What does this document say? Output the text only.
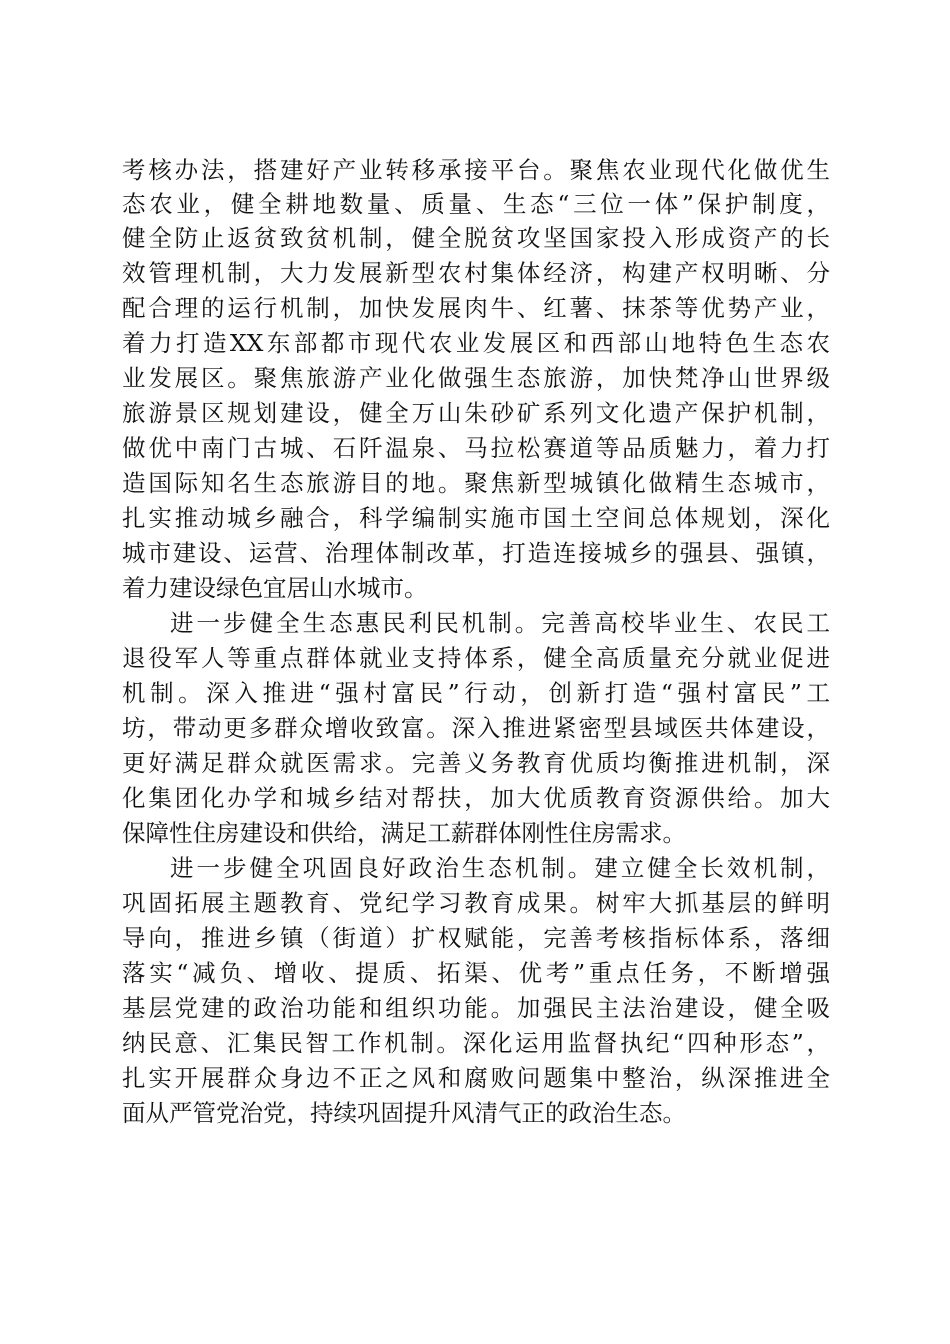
考核办法，搭建好产业转移承接平台。聚焦农业现代化做优生
态农业，健全耕地数量、质量、生态“三位一体”保护制度，
健全防止返贫致贫机制，健全脱贫攻坚国家投入形成资产的长
效管理机制，大力发展新型农村集体经济，构建产权明晰、分
配合理的运行机制，加快发展肉牛、红薯、抹茶等优势产业，
着力打造XX东部都市现代农业发展区和西部山地特色生态农
业发展区。聚焦旅游产业化做强生态旅游，加快梵净山世界级
旅游景区规划建设，健全万山朱砂矿系列文化遗产保护机制，
做优中南门古城、石阡温泉、马拉松赛道等品质魅力，着力打
造国际知名生态旅游目的地。聚焦新型城镇化做精生态城市，
扎实推动城乡融合，科学编制实施市国土空间总体规划，深化
城市建设、运营、治理体制改革，打造连接城乡的强县、强镇，
着力建设绿色宜居山水城市。
进一步健全生态惠民利民机制。完善高校毕业生、农民工
退役军人等重点群体就业支持体系，健全高质量充分就业促进
机制。深入推进“强村富民”行动，创新打造“强村富民”工
坊，带动更多群众增收致富。深入推进紧密型县域医共体建设，
更好满足群众就医需求。完善义务教育优质均衡推进机制，深
化集团化办学和城乡结对帮扶，加大优质教育资源供给。加大
保障性住房建设和供给，满足工薪群体刚性住房需求。
进一步健全巩固良好政治生态机制。建立健全长效机制，
巩固拓展主题教育、党纪学习教育成果。树牢大抓基层的鲜明
导向，推进乡镇（街道）扩权赋能，完善考核指标体系，落细
落实“减负、增收、提质、拓渠、优考”重点任务，不断增强
基层党建的政治功能和组织功能。加强民主法治建设，健全吸
纳民意、汇集民智工作机制。深化运用监督执纪“四种形态”，
扎实开展群众身边不正之风和腐败问题集中整治，纵深推进全
面从严管党治党，持续巩固提升风清气正的政治生态。
